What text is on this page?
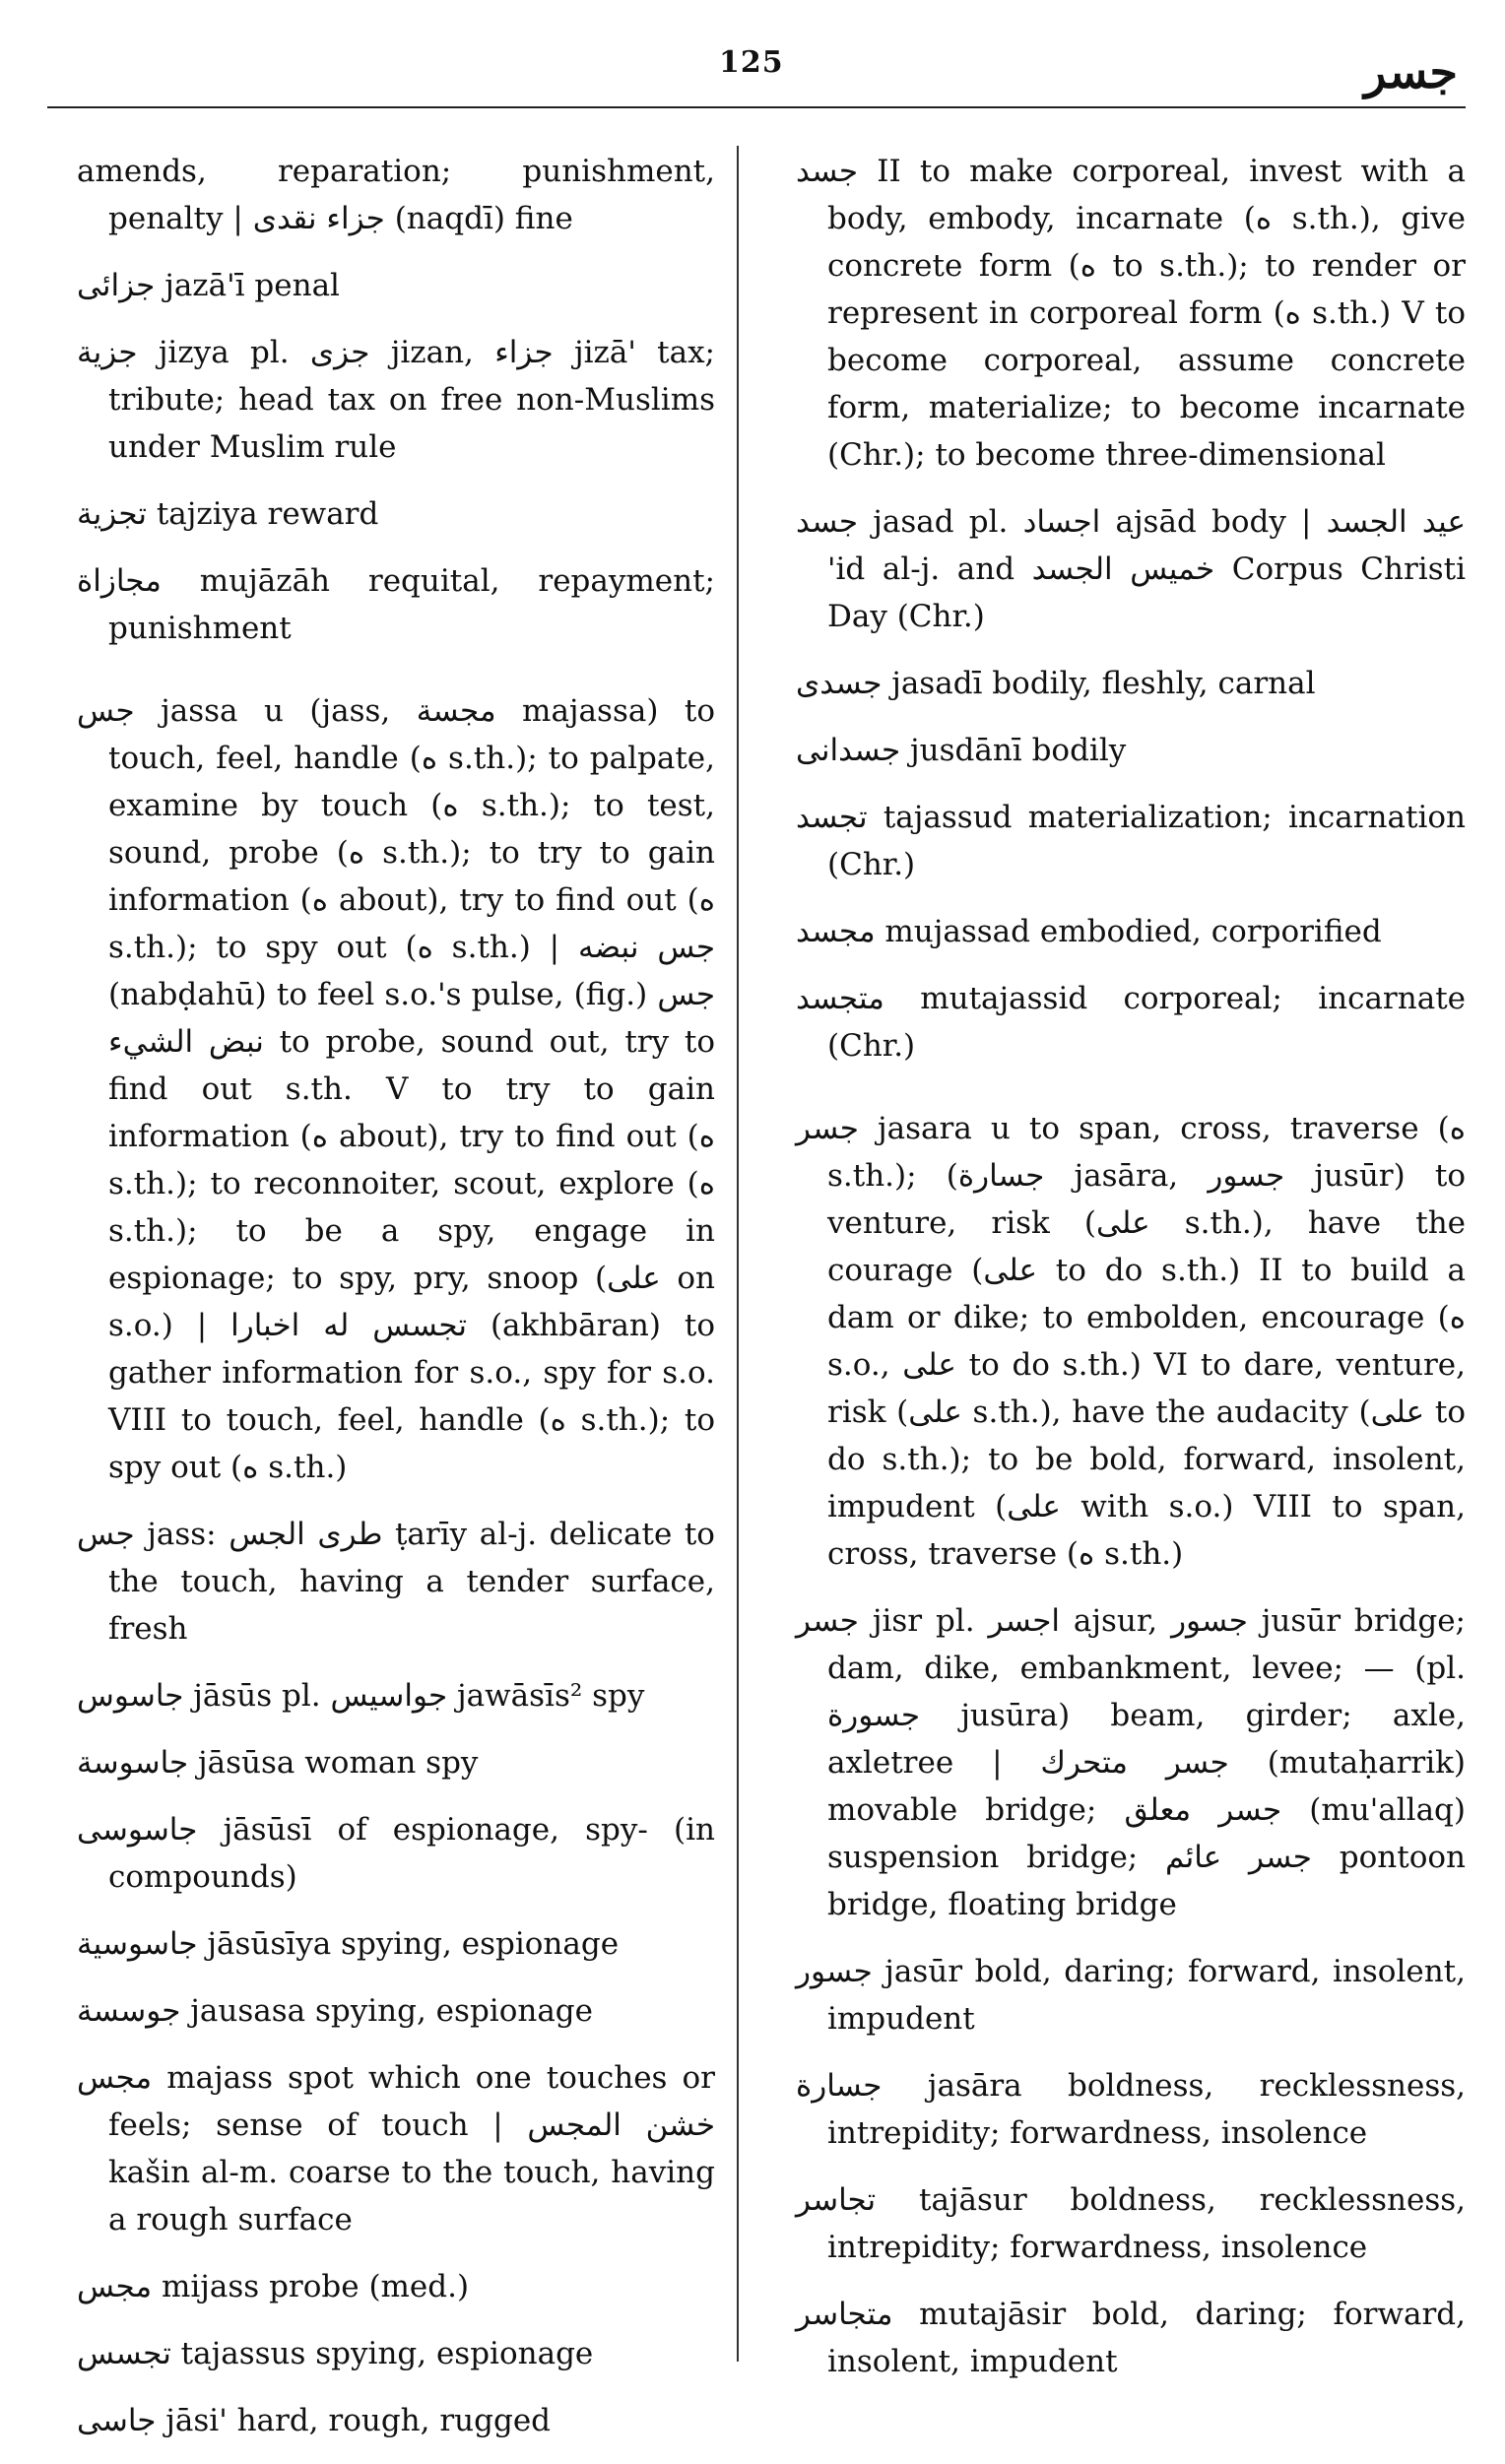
125	جسر

amends, reparation; punishment, penalty | جزاء نقدى (naqdī) fine

جزائى jazā'ī penal

جزية jizya pl. جزى jizan, جزاء jizā' tax; tribute; head tax on free non-Muslims under Muslim rule

تجزية tajziya reward

مجازاة mujāzāh requital, repayment; punishment

جس jassa u (jass, مجسة majassa) to touch, feel, handle (ه s.th.); to palpate, examine by touch (ه s.th.); to test, sound, probe (ه s.th.); to try to gain information (ه about), try to find out (ه s.th.); to spy out (ه s.th.) | جس نبضه (nabḍahū) to feel s.o.'s pulse, (fig.) جس نبض الشيء to probe, sound out, try to find out s.th. V to try to gain information (ه about), try to find out (ه s.th.); to reconnoiter, scout, explore (ه s.th.); to be a spy, engage in espionage; to spy, pry, snoop (على on s.o.) | تجسس له اخبارا (akhbāran) to gather information for s.o., spy for s.o. VIII to touch, feel, handle (ه s.th.); to spy out (ه s.th.)

جس jass: طرى الجس ṭarīy al-j. delicate to the touch, having a tender surface, fresh

جاسوس jāsūs pl. جواسيس jawāsīs² spy

جاسوسة jāsūsa woman spy

جاسوسى jāsūsī of espionage, spy- (in compounds)

جاسوسية jāsūsīya spying, espionage

جوسسة jausasa spying, espionage

مجس majass spot which one touches or feels; sense of touch | خشن المجس kašin al-m. coarse to the touch, having a rough surface

مجس mijass probe (med.)

تجسس tajassus spying, espionage

جاسى jāsi' hard, rough, rugged

جسد II to make corporeal, invest with a body, embody, incarnate (ه s.th.), give concrete form (ه to s.th.); to render or represent in corporeal form (ه s.th.) V to become corporeal, assume concrete form, materialize; to become incarnate (Chr.); to become three-dimensional

جسد jasad pl. اجساد ajsād body | عيد الجسد 'id al-j. and خميس الجسد Corpus Christi Day (Chr.)

جسدى jasadī bodily, fleshly, carnal

جسدانى jusdānī bodily

تجسد tajassud materialization; incarnation (Chr.)

مجسد mujassad embodied, corporified

متجسد mutajassid corporeal; incarnate (Chr.)

جسر jasara u to span, cross, traverse (ه s.th.); (جسارة jasāra, جسور jusūr) to venture, risk (على s.th.), have the courage (على to do s.th.) II to build a dam or dike; to embolden, encourage (ه s.o., على to do s.th.) VI to dare, venture, risk (على s.th.), have the audacity (على to do s.th.); to be bold, forward, insolent, impudent (على with s.o.) VIII to span, cross, traverse (ه s.th.)

جسر jisr pl. اجسر ajsur, جسور jusūr bridge; dam, dike, embankment, levee; — (pl. جسورة jusūra) beam, girder; axle, axletree | جسر متحرك (mutaḥarrik) movable bridge; جسر معلق (mu'allaq) suspension bridge; جسر عائم pontoon bridge, floating bridge

جسور jasūr bold, daring; forward, insolent, impudent

جسارة jasāra boldness, recklessness, intrepidity; forwardness, insolence

تجاسر tajāsur boldness, recklessness, intrepidity; forwardness, insolence

متجاسر mutajāsir bold, daring; forward, insolent, impudent
